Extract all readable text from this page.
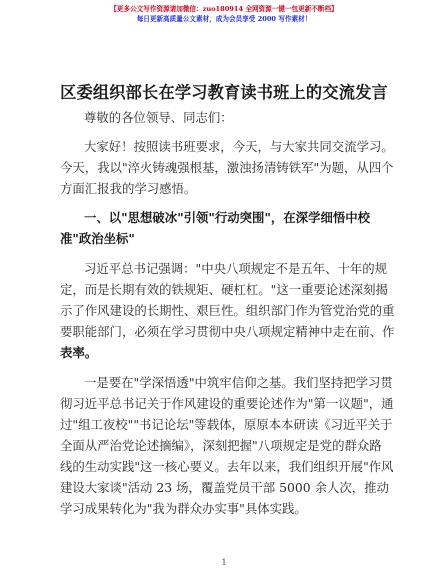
【更多公文写作资源请加微信：zuo180914 全网资源一键一包更新不断档】
每日更新高质量公文素材，成为会员享受 2000 写作素材！
区委组织部长在学习教育读书班上的交流发言
尊敬的各位领导、同志们：
大家好！按照读书班要求，今天，与大家共同交流学习。
今天，我以"淬火铸魂强根基，激浊扬清铸铁军"为题，从四个
方面汇报我的学习感悟。
一、以"思想破冰"引领"行动突围"，在深学细悟中校
准"政治坐标"
习近平总书记强调："中央八项规定不是五年、十年的规
定，而是长期有效的铁规矩、硬杠杠。"这一重要论述深刻揭
示了作风建设的长期性、艰巨性。组织部门作为管党治党的重
要职能部门，必须在学习贯彻中央八项规定精神中走在前、作
表率。
一是要在"学深悟透"中筑牢信仰之基。我们坚持把学习贯
彻习近平总书记关于作风建设的重要论述作为"第一议题"，通
过"组工夜校""书记论坛"等载体，原原本本研读《习近平关于
全面从严治党论述摘编》，深刻把握"八项规定是党的群众路
线的生动实践"这一核心要义。去年以来，我们组织开展"作风
建设大家谈"活动 23 场，覆盖党员干部 5000 余人次，推动
学习成果转化为"我为群众办实事"具体实践。
1
